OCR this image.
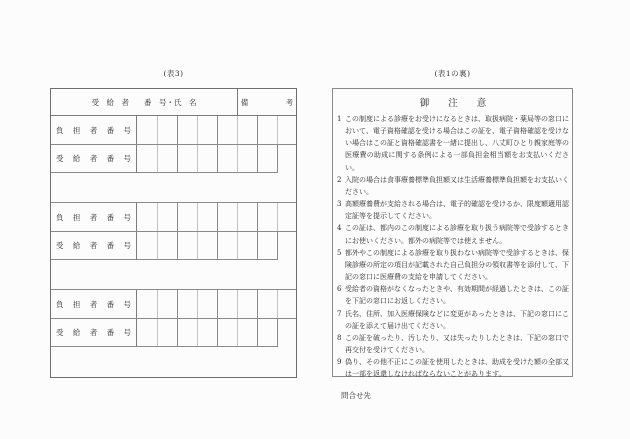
(表3)
受　給　者　　番　号・氏　名	備　　　　　考
負 担 者 番 号
受 給 者 番 号
負 担 者 番 号
受 給 者 番 号
負 担 者 番 号
受 給 者 番 号
(表1の裏)
御　　注　　意
1 この制度による診療をお受けになるときは、取扱病院・薬局等の窓口において、電子資格確認を受ける場合はこの証を、電子資格確認を受けない場合はこの証と資格確認書を一緒に提出し、八丈町ひとり親家庭等の医療費の助成に関する条例による一部負担金相当額をお支払いください。
2 入院の場合は食事療養標準負担額又は生活療養標準負担額をお支払いください。
3 高額療養費が支給される場合は、電子的確認を受けるか、限度額適用認定証等を提示してください。
4 この証は、都内のこの制度による診療を取り扱う病院等で受診するときにお使いください。都外の病院等では使えません。
5 都外やこの制度による診療を取り扱わない病院等で受診するときは、保険診療の所定の項目が記載された自己負担分の領収書等を添付して、下記の窓口に医療費の支給を申請してください。
6 受給者の資格がなくなったときや、有効期間が経過したときは、この証を下記の窓口にお返しください。
7 氏名、住所、加入医療保険などに変更があったときは、下記の窓口にこの証を添えて届け出てください。
8 この証を破ったり、汚したり、又は失ったりしたときは、下記の窓口で再交付を受けてください。
9 偽り、その他不正にこの証を使用したときは、助成を受けた額の全部又は一部を返還しなければならないことがあります。
問合せ先
